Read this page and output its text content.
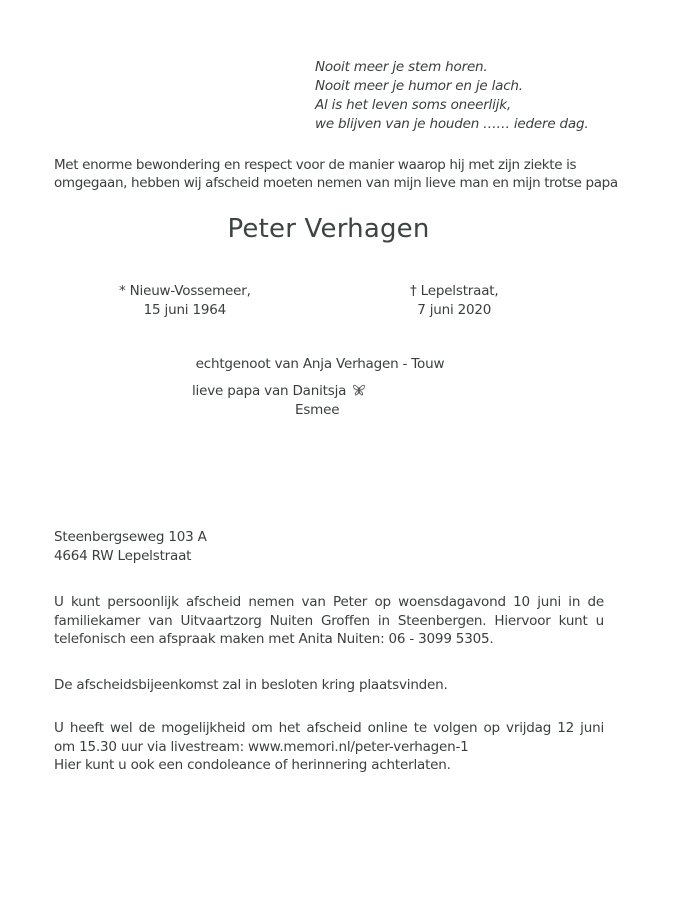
Nooit meer je stem horen.
Nooit meer je humor en je lach.
Al is het leven soms oneerlijk,
we blijven van je houden …… iedere dag.
Met enorme bewondering en respect voor de manier waarop hij met zijn ziekte is
omgegaan, hebben wij afscheid moeten nemen van mijn lieve man en mijn trotse papa
Peter Verhagen
* Nieuw-Vossemeer,
15 juni 1964
† Lepelstraat,
7 juni 2020
echtgenoot van Anja Verhagen - Touw
lieve papa van Danitsja
Esmee
Steenbergseweg 103 A
4664 RW Lepelstraat
U kunt persoonlijk afscheid nemen van Peter op woensdagavond 10 juni in de
familiekamer van Uitvaartzorg Nuiten Groffen in Steenbergen. Hiervoor kunt u
telefonisch een afspraak maken met Anita Nuiten: 06 - 3099 5305.
De afscheidsbijeenkomst zal in besloten kring plaatsvinden.
U heeft wel de mogelijkheid om het afscheid online te volgen op vrijdag 12 juni
om 15.30 uur via livestream: www.memori.nl/peter-verhagen-1
Hier kunt u ook een condoleance of herinnering achterlaten.
